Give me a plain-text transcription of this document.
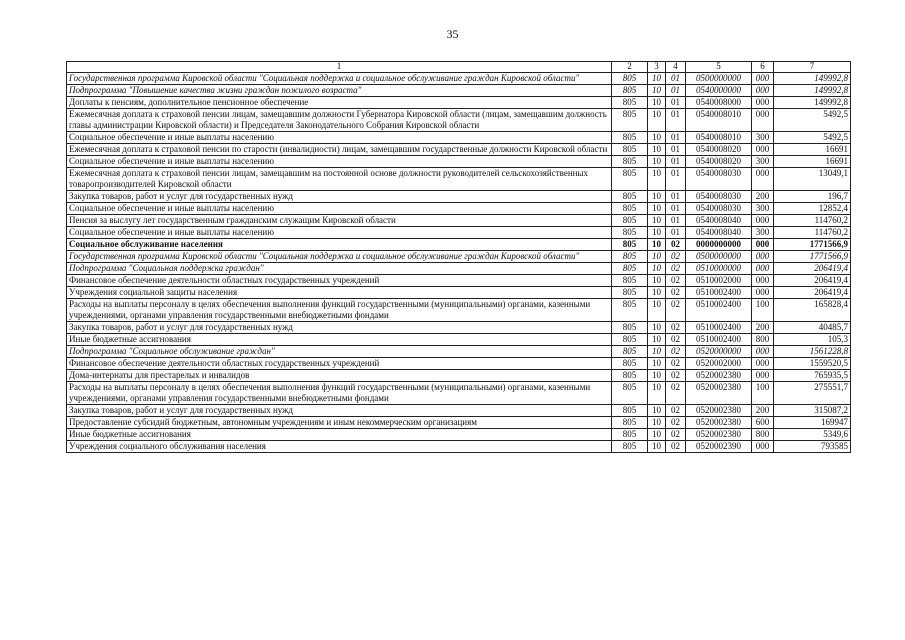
35
1	2	3	4	5	6	7
Государственная программа Кировской области "Социальная поддержка и социальное обслуживание граждан Кировской области"	805	10	01	0500000000	000	149992,8
Подпрограмма "Повышение качества жизни граждан пожилого возраста"	805	10	01	0540000000	000	149992,8
Доплаты к пенсиям, дополнительное пенсионное обеспечение	805	10	01	0540008000	000	149992,8
Ежемесячная доплата к страховой пенсии лицам, замещавшим должности Губернатора Кировской области (лицам, замещавшим должность главы администрации Кировской области) и Председателя Законодательного Собрания Кировской области	805	10	01	0540008010	000	5492,5
Социальное обеспечение и иные выплаты населению	805	10	01	0540008010	300	5492,5
Ежемесячная доплата к страховой пенсии по старости (инвалидности) лицам, замещавшим государственные должности Кировской области	805	10	01	0540008020	000	16691
Социальное обеспечение и иные выплаты населению	805	10	01	0540008020	300	16691
Ежемесячная доплата к страховой пенсии лицам, замещавшим на постоянной основе должности руководителей сельскохозяйственных товаропроизводителей Кировской области	805	10	01	0540008030	000	13049,1
Закупка товаров, работ и услуг для государственных нужд	805	10	01	0540008030	200	196,7
Социальное обеспечение и иные выплаты населению	805	10	01	0540008030	300	12852,4
Пенсия за выслугу лет государственным гражданским служащим Кировской области	805	10	01	0540008040	000	114760,2
Социальное обеспечение и иные выплаты населению	805	10	01	0540008040	300	114760,2
Социальное обслуживание населения	805	10	02	0000000000	000	1771566,9
Государственная программа Кировской области "Социальная поддержка и социальное обслуживание граждан Кировской области"	805	10	02	0500000000	000	1771566,9
Подпрограмма "Социальная поддержка граждан"	805	10	02	0510000000	000	206419,4
Финансовое обеспечение деятельности областных государственных учреждений	805	10	02	0510002000	000	206419,4
Учреждения социальной защиты населения	805	10	02	0510002400	000	206419,4
Расходы на выплаты персоналу в целях обеспечения выполнения функций государственными (муниципальными) органами, казенными учреждениями, органами управления государственными внебюджетными фондами	805	10	02	0510002400	100	165828,4
Закупка товаров, работ и услуг для государственных нужд	805	10	02	0510002400	200	40485,7
Иные бюджетные ассигнования	805	10	02	0510002400	800	105,3
Подпрограмма "Социальное обслуживание граждан"	805	10	02	0520000000	000	1561228,8
Финансовое обеспечение деятельности областных государственных учреждений	805	10	02	0520002000	000	1559520,5
Дома-интернаты для престарелых и инвалидов	805	10	02	0520002380	000	765935,5
Расходы на выплаты персоналу в целях обеспечения выполнения функций государственными (муниципальными) органами, казенными учреждениями, органами управления государственными внебюджетными фондами	805	10	02	0520002380	100	275551,7
Закупка товаров, работ и услуг для государственных нужд	805	10	02	0520002380	200	315087,2
Предоставление субсидий бюджетным, автономным учреждениям и иным некоммерческим организациям	805	10	02	0520002380	600	169947
Иные бюджетные ассигнования	805	10	02	0520002380	800	5349,6
Учреждения социального обслуживания населения	805	10	02	0520002390	000	793585
